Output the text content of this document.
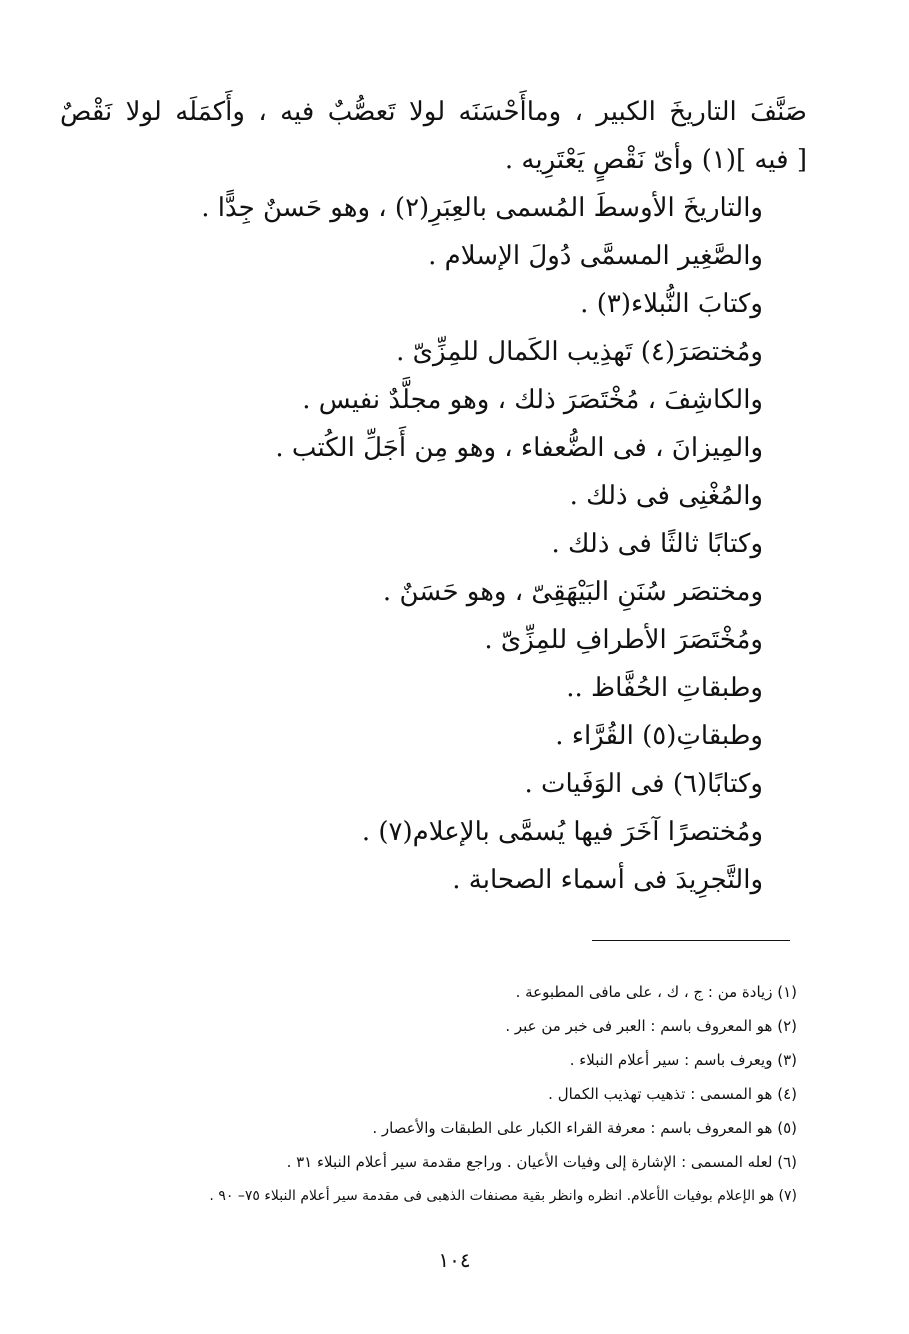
صَنَّفَ التاريخَ الكبير ، وماأَحْسَنَه لولا تَعصُّبٌ فيه ، وأَكمَلَه لولا نَقْصٌ
[ فيه ](١) وأىّ نَقْصٍ يَعْتَرِيه .
والتاريخَ الأوسطَ المُسمى بالعِبَرِ(٢) ، وهو حَسنٌ جِدًّا .
والصَّغِير المسمَّى دُولَ الإسلام .
وكتابَ النُّبلاء(٣) .
ومُختصَرَ(٤) تَهذِيب الكَمال للمِزِّىّ .
والكاشِفَ ، مُخْتَصَرَ ذلك ، وهو مجلَّدٌ نفيس .
والمِيزانَ ، فى الضُّعفاء ، وهو مِن أَجَلِّ الكُتب .
والمُغْنِى فى ذلك .
وكتابًا ثالثًا فى ذلك .
ومختصَر سُنَنِ البَيْهَقِىّ ، وهو حَسَنٌ .
ومُخْتَصَرَ الأطرافِ للمِزِّىّ .
وطبقاتِ الحُفَّاظ ..
وطبقاتِ(٥) القُرَّاء .
وكتابًا(٦) فى الوَفَيات .
ومُختصرًا آخَرَ فيها يُسمَّى بالإعلام(٧) .
والتَّجرِيدَ فى أسماء الصحابة .
(١) زيادة من : ج ، ك ، على مافى المطبوعة .
(٢) هو المعروف باسم : العبر فى خبر من عبر .
(٣) ويعرف باسم : سير أعلام النبلاء .
(٤) هو المسمى : تذهيب تهذيب الكمال .
(٥) هو المعروف باسم : معرفة القراء الكبار على الطبقات والأعصار .
(٦) لعله المسمى : الإشارة إلى وفيات الأعيان . وراجع مقدمة سير أعلام النبلاء ٣١ .
(٧) هو الإعلام بوفيات الأعلام. انظره وانظر بقية مصنفات الذهبى فى مقدمة سير أعلام النبلاء ٧٥– ٩٠ .
١٠٤
